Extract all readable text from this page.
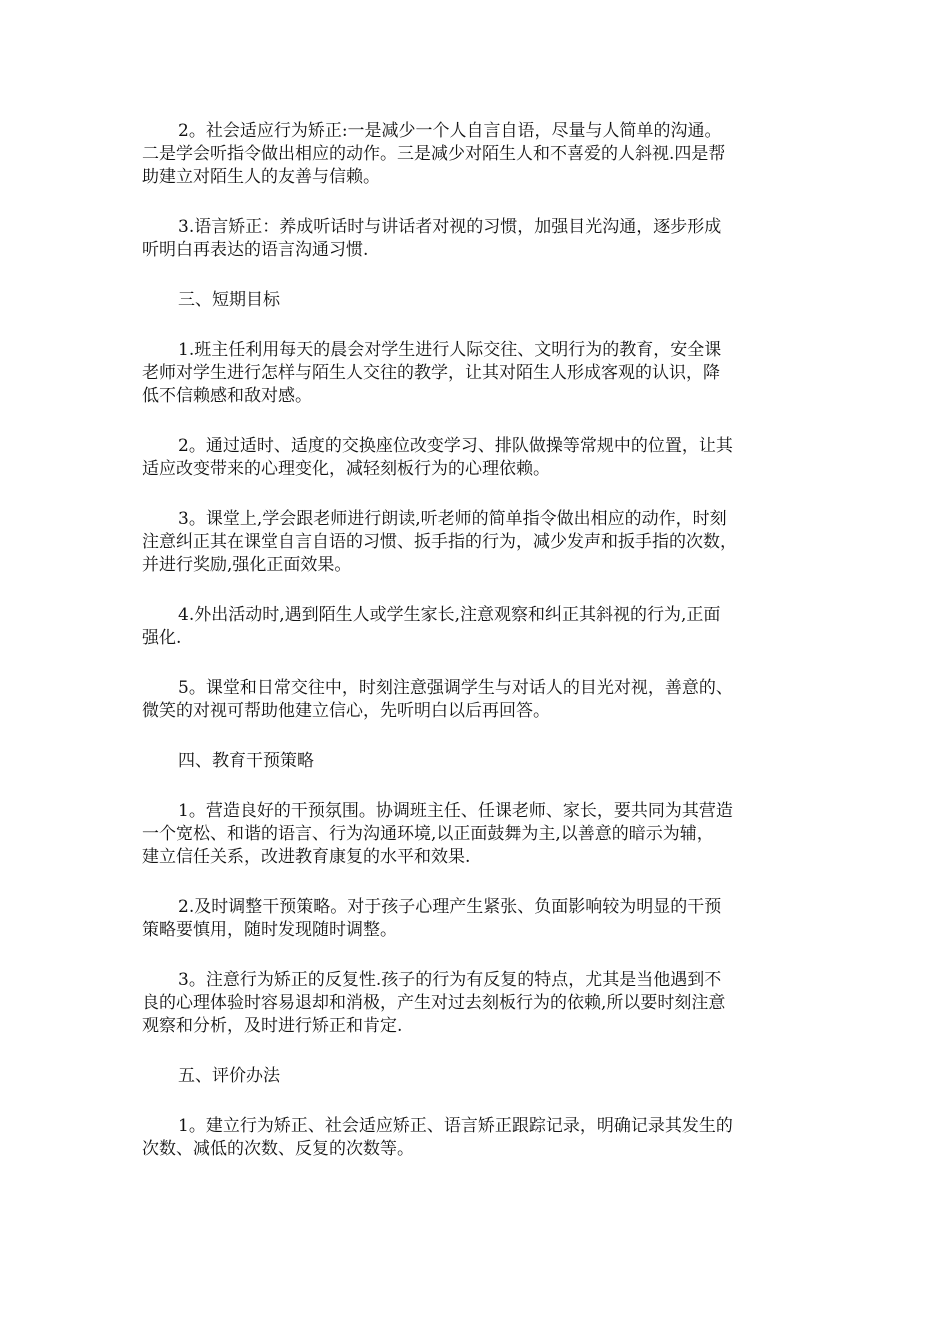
2。社会适应行为矫正:一是减少一个人自言自语，尽量与人简单的沟通。
二是学会听指令做出相应的动作。三是减少对陌生人和不喜爱的人斜视.四是帮
助建立对陌生人的友善与信赖。
3.语言矫正：养成听话时与讲话者对视的习惯，加强目光沟通，逐步形成
听明白再表达的语言沟通习惯.
三、短期目标
1.班主任利用每天的晨会对学生进行人际交往、文明行为的教育，安全课
老师对学生进行怎样与陌生人交往的教学，让其对陌生人形成客观的认识，降
低不信赖感和敌对感。
2。通过适时、适度的交换座位改变学习、排队做操等常规中的位置，让其
适应改变带来的心理变化，减轻刻板行为的心理依赖。
3。课堂上,学会跟老师进行朗读,听老师的简单指令做出相应的动作，时刻
注意纠正其在课堂自言自语的习惯、扳手指的行为，减少发声和扳手指的次数，
并进行奖励,强化正面效果。
4.外出活动时,遇到陌生人或学生家长,注意观察和纠正其斜视的行为,正面
强化.
5。课堂和日常交往中，时刻注意强调学生与对话人的目光对视，善意的、
微笑的对视可帮助他建立信心，先听明白以后再回答。
四、教育干预策略
1。营造良好的干预氛围。协调班主任、任课老师、家长，要共同为其营造
一个宽松、和谐的语言、行为沟通环境,以正面鼓舞为主,以善意的暗示为辅，
建立信任关系，改进教育康复的水平和效果.
2.及时调整干预策略。对于孩子心理产生紧张、负面影响较为明显的干预
策略要慎用，随时发现随时调整。
3。注意行为矫正的反复性.孩子的行为有反复的特点，尤其是当他遇到不
良的心理体验时容易退却和消极，产生对过去刻板行为的依赖,所以要时刻注意
观察和分析，及时进行矫正和肯定.
五、评价办法
1。建立行为矫正、社会适应矫正、语言矫正跟踪记录，明确记录其发生的
次数、减低的次数、反复的次数等。
